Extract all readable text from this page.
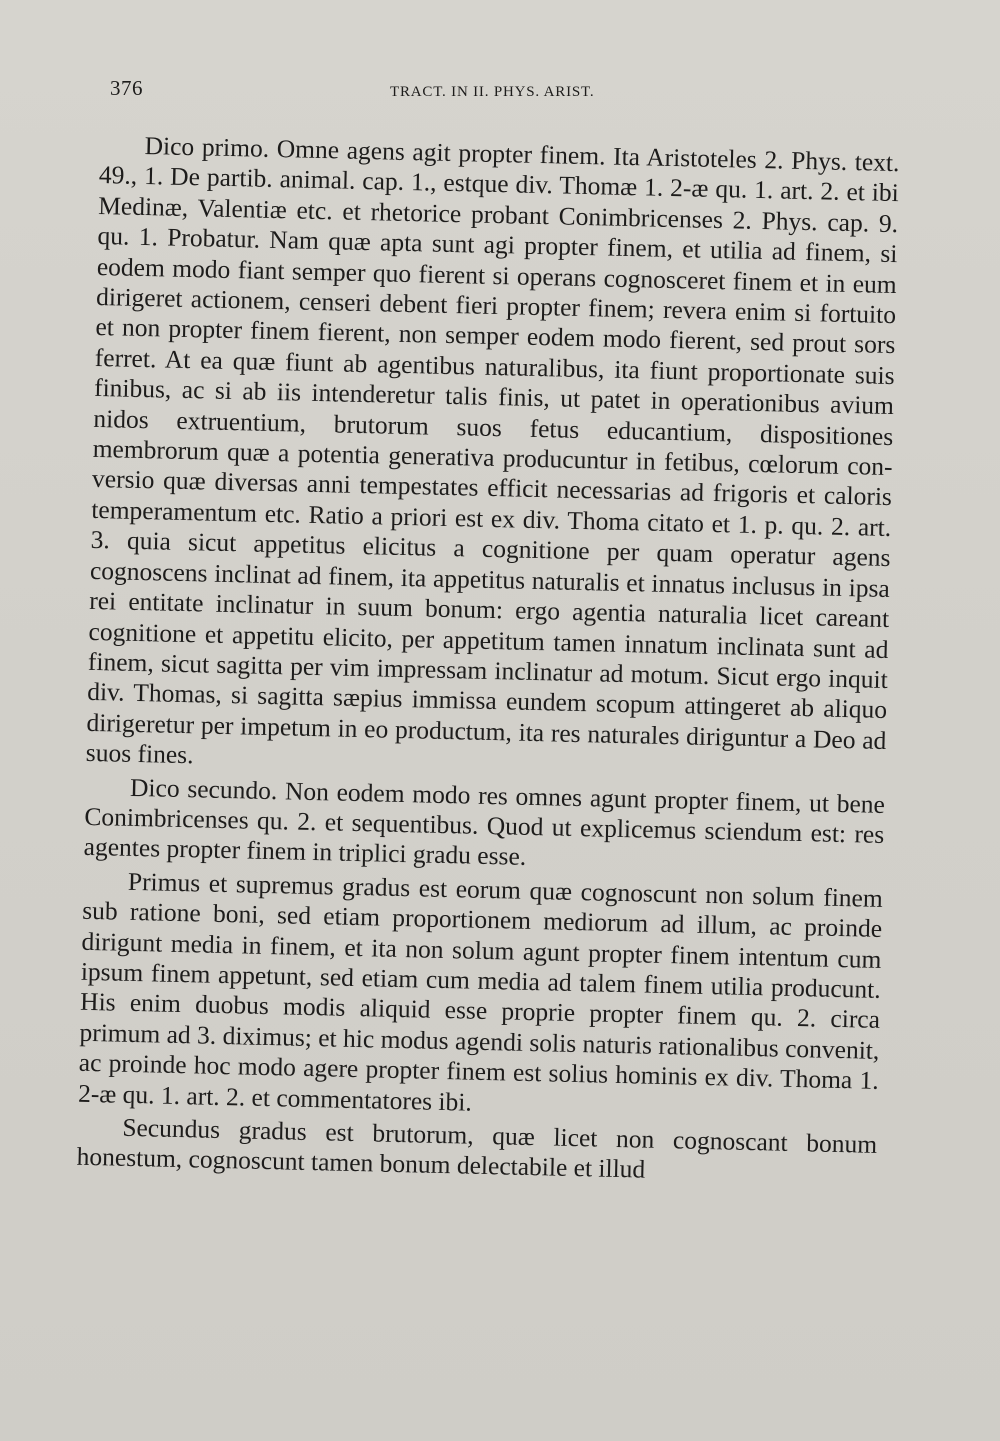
376	TRACT. IN II. PHYS. ARIST.

Dico primo. Omne agens agit propter finem. Ita Aristoteles 2. Phys. text. 49., 1. De partib. animal. cap. 1., estque div. Thomæ 1. 2-æ qu. 1. art. 2. et ibi Medinæ, Valentiæ etc. et rhetorice probant Conimbricenses 2. Phys. cap. 9. qu. 1. Probatur. Nam quæ apta sunt agi propter finem, et utilia ad finem, si eodem modo fiant semper quo fierent si operans cognosceret finem et in eum dirigeret actionem, censeri debent fieri propter finem; revera enim si fortuito et non propter finem fierent, non semper eodem modo fierent, sed prout sors ferret. At ea quæ fiunt ab agentibus naturalibus, ita fiunt proportionate suis finibus, ac si ab iis intenderetur talis finis, ut patet in operationibus avium nidos extruentium, brutorum suos fetus educantium, dispositiones membrorum quæ a potentia generativa producuntur in fetibus, cœlorum conversio quæ diversas anni tempestates efficit necessarias ad frigoris et caloris temperamentum etc. Ratio a priori est ex div. Thoma citato et 1. p. qu. 2. art. 3. quia sicut appetitus elicitus a cognitione per quam operatur agens cognoscens inclinat ad finem, ita appetitus naturalis et innatus inclusus in ipsa rei entitate inclinatur in suum bonum: ergo agentia naturalia licet careant cognitione et appetitu elicito, per appetitum tamen innatum inclinata sunt ad finem, sicut sagitta per vim impressam inclinatur ad motum. Sicut ergo inquit div. Thomas, si sagitta sæpius immissa eundem scopum attingeret ab aliquo dirigeretur per impetum in eo productum, ita res naturales diriguntur a Deo ad suos fines.

Dico secundo. Non eodem modo res omnes agunt propter finem, ut bene Conimbricenses qu. 2. et sequentibus. Quod ut explicemus sciendum est: res agentes propter finem in triplici gradu esse.

Primus et supremus gradus est eorum quæ cognoscunt non solum finem sub ratione boni, sed etiam proportionem mediorum ad illum, ac proinde dirigunt media in finem, et ita non solum agunt propter finem intentum cum ipsum finem appetunt, sed etiam cum media ad talem finem utilia producunt. His enim duobus modis aliquid esse proprie propter finem qu. 2. circa primum ad 3. diximus; et hic modus agendi solis naturis rationalibus convenit, ac proinde hoc modo agere propter finem est solius hominis ex div. Thoma 1. 2-æ qu. 1. art. 2. et commentatores ibi.

Secundus gradus est brutorum, quæ licet non cognoscant bonum honestum, cognoscunt tamen bonum delectabile et illud
